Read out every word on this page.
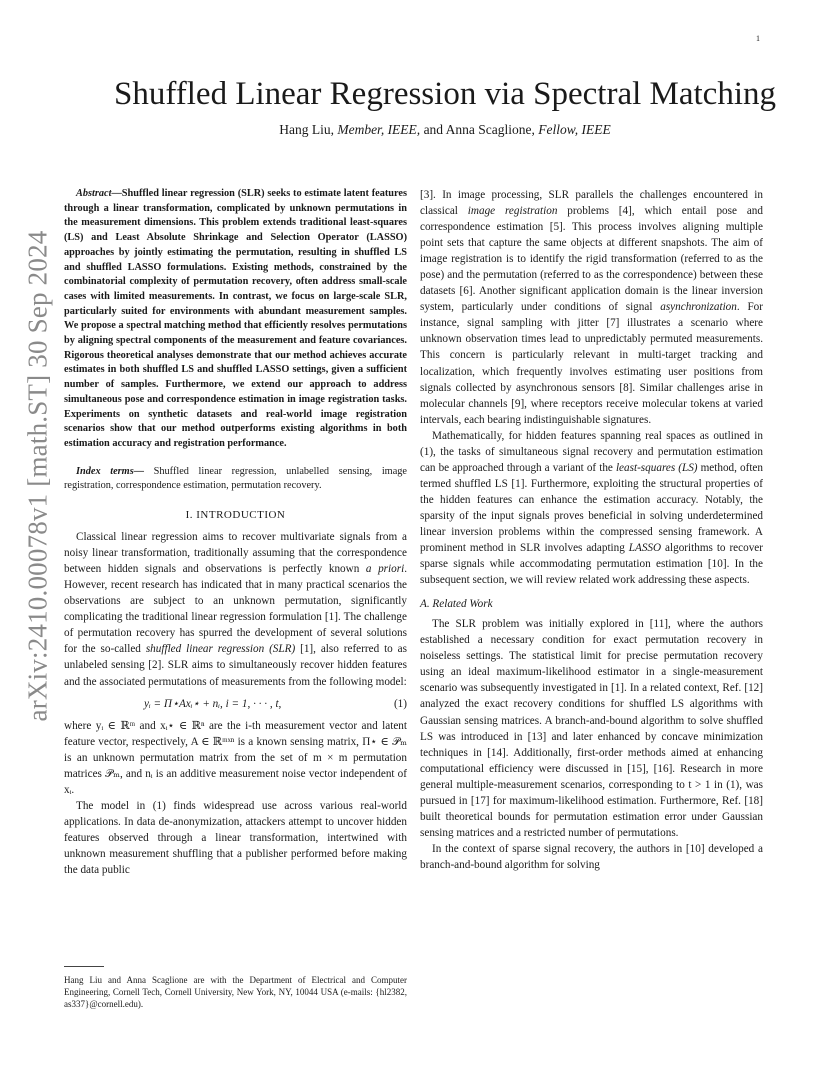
1
arXiv:2410.00078v1 [math.ST] 30 Sep 2024
Shuffled Linear Regression via Spectral Matching
Hang Liu, Member, IEEE, and Anna Scaglione, Fellow, IEEE

Abstract—Shuffled linear regression (SLR) seeks to estimate latent features through a linear transformation, complicated by unknown permutations in the measurement dimensions. This problem extends traditional least-squares (LS) and Least Absolute Shrinkage and Selection Operator (LASSO) approaches by jointly estimating the permutation, resulting in shuffled LS and shuffled LASSO formulations. Existing methods, constrained by the combinatorial complexity of permutation recovery, often address small-scale cases with limited measurements. In contrast, we focus on large-scale SLR, particularly suited for environments with abundant measurement samples. We propose a spectral matching method that efficiently resolves permutations by aligning spectral components of the measurement and feature covariances. Rigorous theoretical analyses demonstrate that our method achieves accurate estimates in both shuffled LS and shuffled LASSO settings, given a sufficient number of samples. Furthermore, we extend our approach to address simultaneous pose and correspondence estimation in image registration tasks. Experiments on synthetic datasets and real-world image registration scenarios show that our method outperforms existing algorithms in both estimation accuracy and registration performance.

Index terms— Shuffled linear regression, unlabelled sensing, image registration, correspondence estimation, permutation recovery.

I. INTRODUCTION

Classical linear regression aims to recover multivariate signals from a noisy linear transformation, traditionally assuming that the correspondence between hidden signals and observations is perfectly known a priori. However, recent research has indicated that in many practical scenarios the observations are subject to an unknown permutation, significantly complicating the traditional linear regression formulation [1]. The challenge of permutation recovery has spurred the development of several solutions for the so-called shuffled linear regression (SLR) [1], also referred to as unlabeled sensing [2]. SLR aims to simultaneously recover hidden features and the associated permutations of measurements from the following model:

yᵢ = Π⋆Axᵢ⋆ + nᵢ, i = 1, · · · , t,	(1)

where yᵢ ∈ ℝᵐ and xᵢ⋆ ∈ ℝⁿ are the i-th measurement vector and latent feature vector, respectively, A ∈ ℝᵐˣⁿ is a known sensing matrix, Π⋆ ∈ 𝒫ₘ is an unknown permutation matrix from the set of m × m permutation matrices 𝒫ₘ, and nᵢ is an additive measurement noise vector independent of xᵢ.

The model in (1) finds widespread use across various real-world applications. In data de-anonymization, attackers attempt to uncover hidden features observed through a linear transformation, intertwined with unknown measurement shuffling that a publisher performed before making the data public

Hang Liu and Anna Scaglione are with the Department of Electrical and Computer Engineering, Cornell Tech, Cornell University, New York, NY, 10044 USA (e-mails: {hl2382, as337}@cornell.edu).

[3]. In image processing, SLR parallels the challenges encountered in classical image registration problems [4], which entail pose and correspondence estimation [5]. This process involves aligning multiple point sets that capture the same objects at different snapshots. The aim of image registration is to identify the rigid transformation (referred to as the pose) and the permutation (referred to as the correspondence) between these datasets [6]. Another significant application domain is the linear inversion system, particularly under conditions of signal asynchronization. For instance, signal sampling with jitter [7] illustrates a scenario where unknown observation times lead to unpredictably permuted measurements. This concern is particularly relevant in multi-target tracking and localization, which frequently involves estimating user positions from signals collected by asynchronous sensors [8]. Similar challenges arise in molecular channels [9], where receptors receive molecular tokens at varied intervals, each bearing indistinguishable signatures.

Mathematically, for hidden features spanning real spaces as outlined in (1), the tasks of simultaneous signal recovery and permutation estimation can be approached through a variant of the least-squares (LS) method, often termed shuffled LS [1]. Furthermore, exploiting the structural properties of the hidden features can enhance the estimation accuracy. Notably, the sparsity of the input signals proves beneficial in solving underdetermined linear inversion problems within the compressed sensing framework. A prominent method in SLR involves adapting LASSO algorithms to recover sparse signals while accommodating permutation estimation [10]. In the subsequent section, we will review related work addressing these aspects.

A. Related Work

The SLR problem was initially explored in [11], where the authors established a necessary condition for exact permutation recovery in noiseless settings. The statistical limit for precise permutation recovery using an ideal maximum-likelihood estimator in a single-measurement scenario was subsequently investigated in [1]. In a related context, Ref. [12] analyzed the exact recovery conditions for shuffled LS algorithms with Gaussian sensing matrices. A branch-and-bound algorithm to solve shuffled LS was introduced in [13] and later enhanced by concave minimization techniques in [14]. Additionally, first-order methods aimed at enhancing computational efficiency were discussed in [15], [16]. Research in more general multiple-measurement scenarios, corresponding to t > 1 in (1), was pursued in [17] for maximum-likelihood estimation. Furthermore, Ref. [18] built theoretical bounds for permutation estimation error under Gaussian sensing matrices and a restricted number of permutations.

In the context of sparse signal recovery, the authors in [10] developed a branch-and-bound algorithm for solving
